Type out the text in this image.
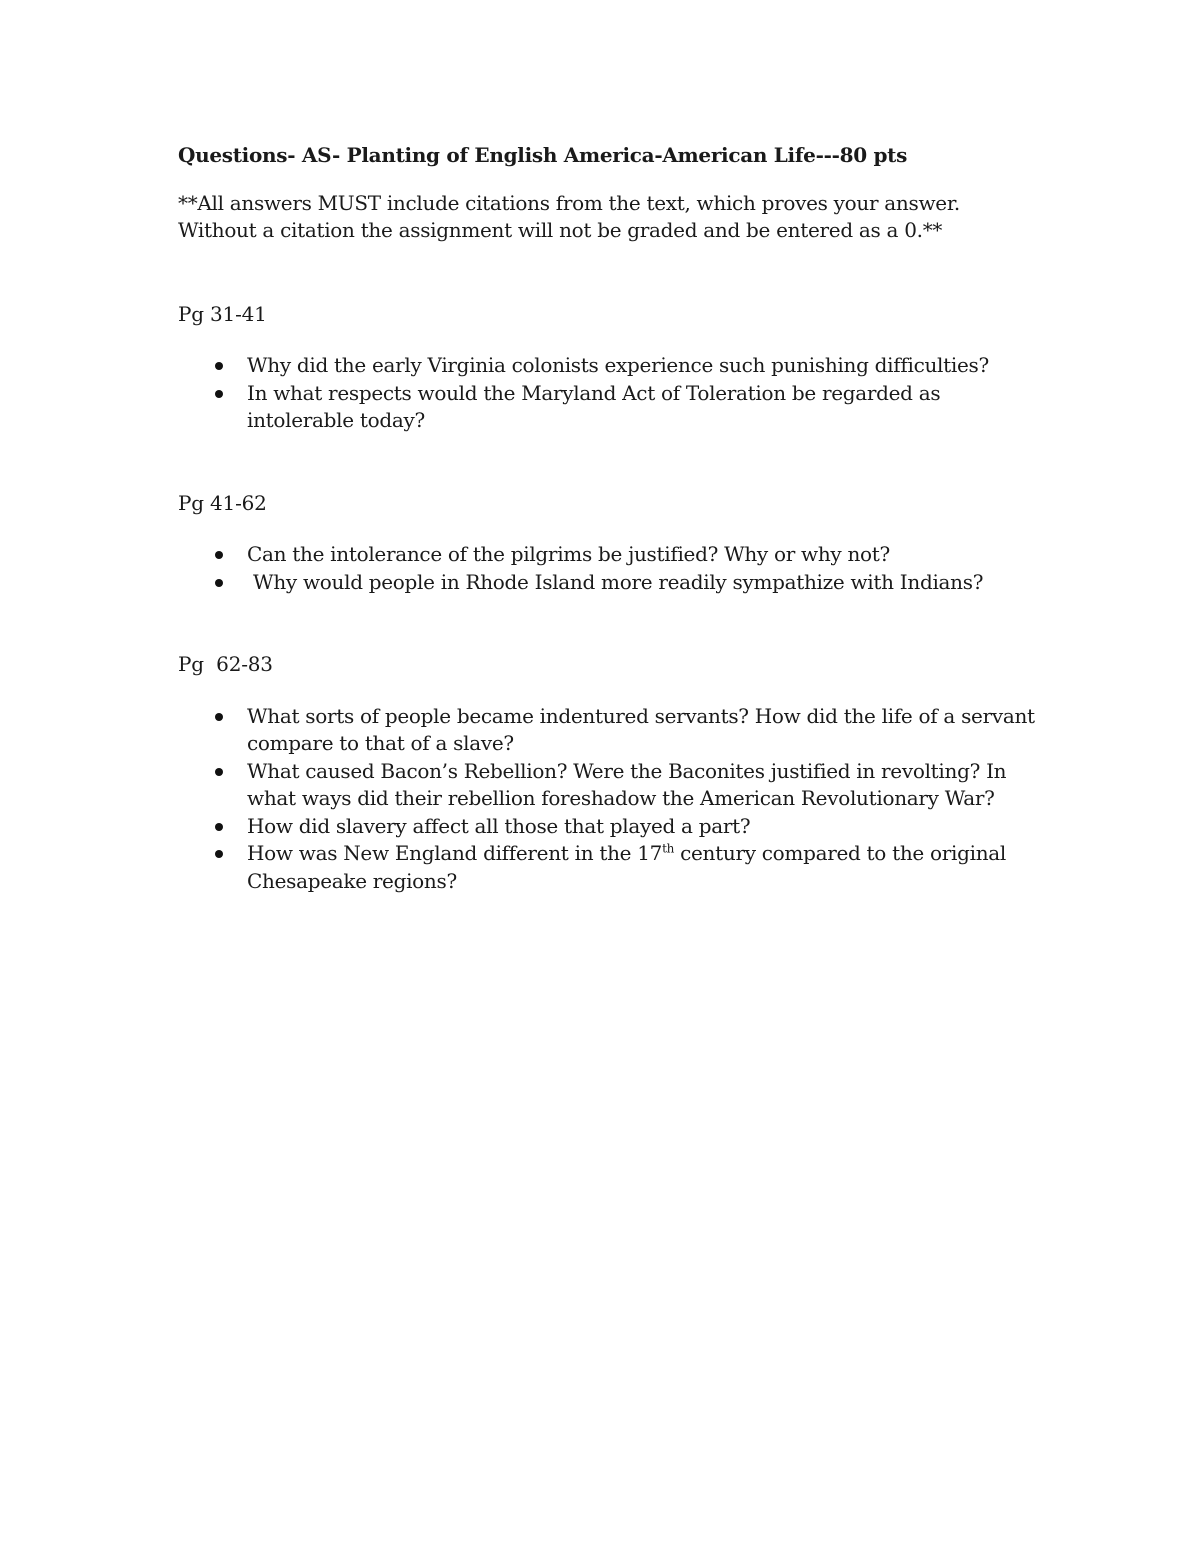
Questions- AS- Planting of English America-American Life---80 pts

**All answers MUST include citations from the text, which proves your answer.
Without a citation the assignment will not be graded and be entered as a 0.**

Pg 31-41

Why did the early Virginia colonists experience such punishing difficulties?
In what respects would the Maryland Act of Toleration be regarded as intolerable today?

Pg 41-62

Can the intolerance of the pilgrims be justified? Why or why not?
Why would people in Rhode Island more readily sympathize with Indians?

Pg  62-83

What sorts of people became indentured servants? How did the life of a servant compare to that of a slave?
What caused Bacon’s Rebellion? Were the Baconites justified in revolting? In what ways did their rebellion foreshadow the American Revolutionary War?
How did slavery affect all those that played a part?
How was New England different in the 17th century compared to the original Chesapeake regions?
